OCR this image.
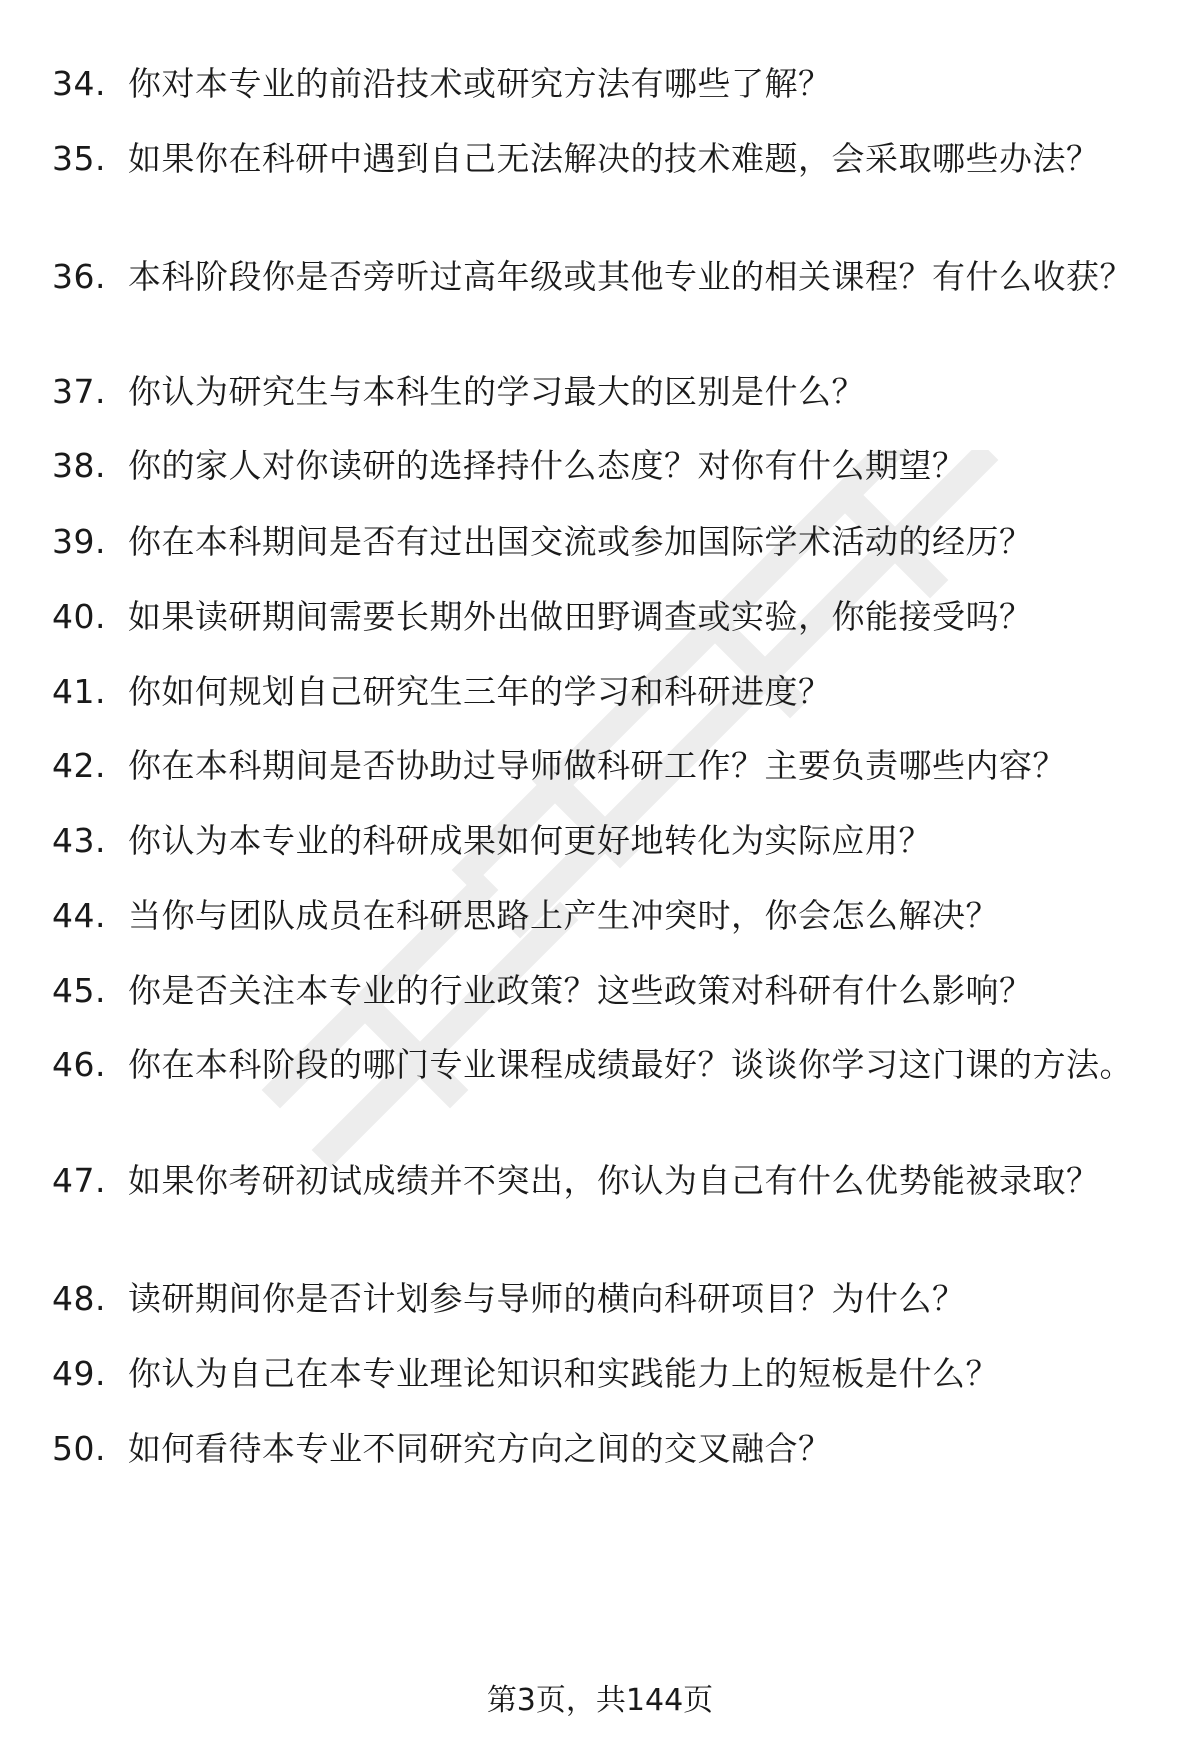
34. 你对本专业的前沿技术或研究方法有哪些了解？
35. 如果你在科研中遇到自己无法解决的技术难题，会采取哪些办法？
36. 本科阶段你是否旁听过高年级或其他专业的相关课程？有什么收获？
37. 你认为研究生与本科生的学习最大的区别是什么？
38. 你的家人对你读研的选择持什么态度？对你有什么期望？
39. 你在本科期间是否有过出国交流或参加国际学术活动的经历？
40. 如果读研期间需要长期外出做田野调查或实验，你能接受吗？
41. 你如何规划自己研究生三年的学习和科研进度？
42. 你在本科期间是否协助过导师做科研工作？主要负责哪些内容？
43. 你认为本专业的科研成果如何更好地转化为实际应用？
44. 当你与团队成员在科研思路上产生冲突时，你会怎么解决？
45. 你是否关注本专业的行业政策？这些政策对科研有什么影响？
46. 你在本科阶段的哪门专业课程成绩最好？谈谈你学习这门课的方法。
47. 如果你考研初试成绩并不突出，你认为自己有什么优势能被录取？
48. 读研期间你是否计划参与导师的横向科研项目？为什么？
49. 你认为自己在本专业理论知识和实践能力上的短板是什么？
50. 如何看待本专业不同研究方向之间的交叉融合？
第3页，共144页
